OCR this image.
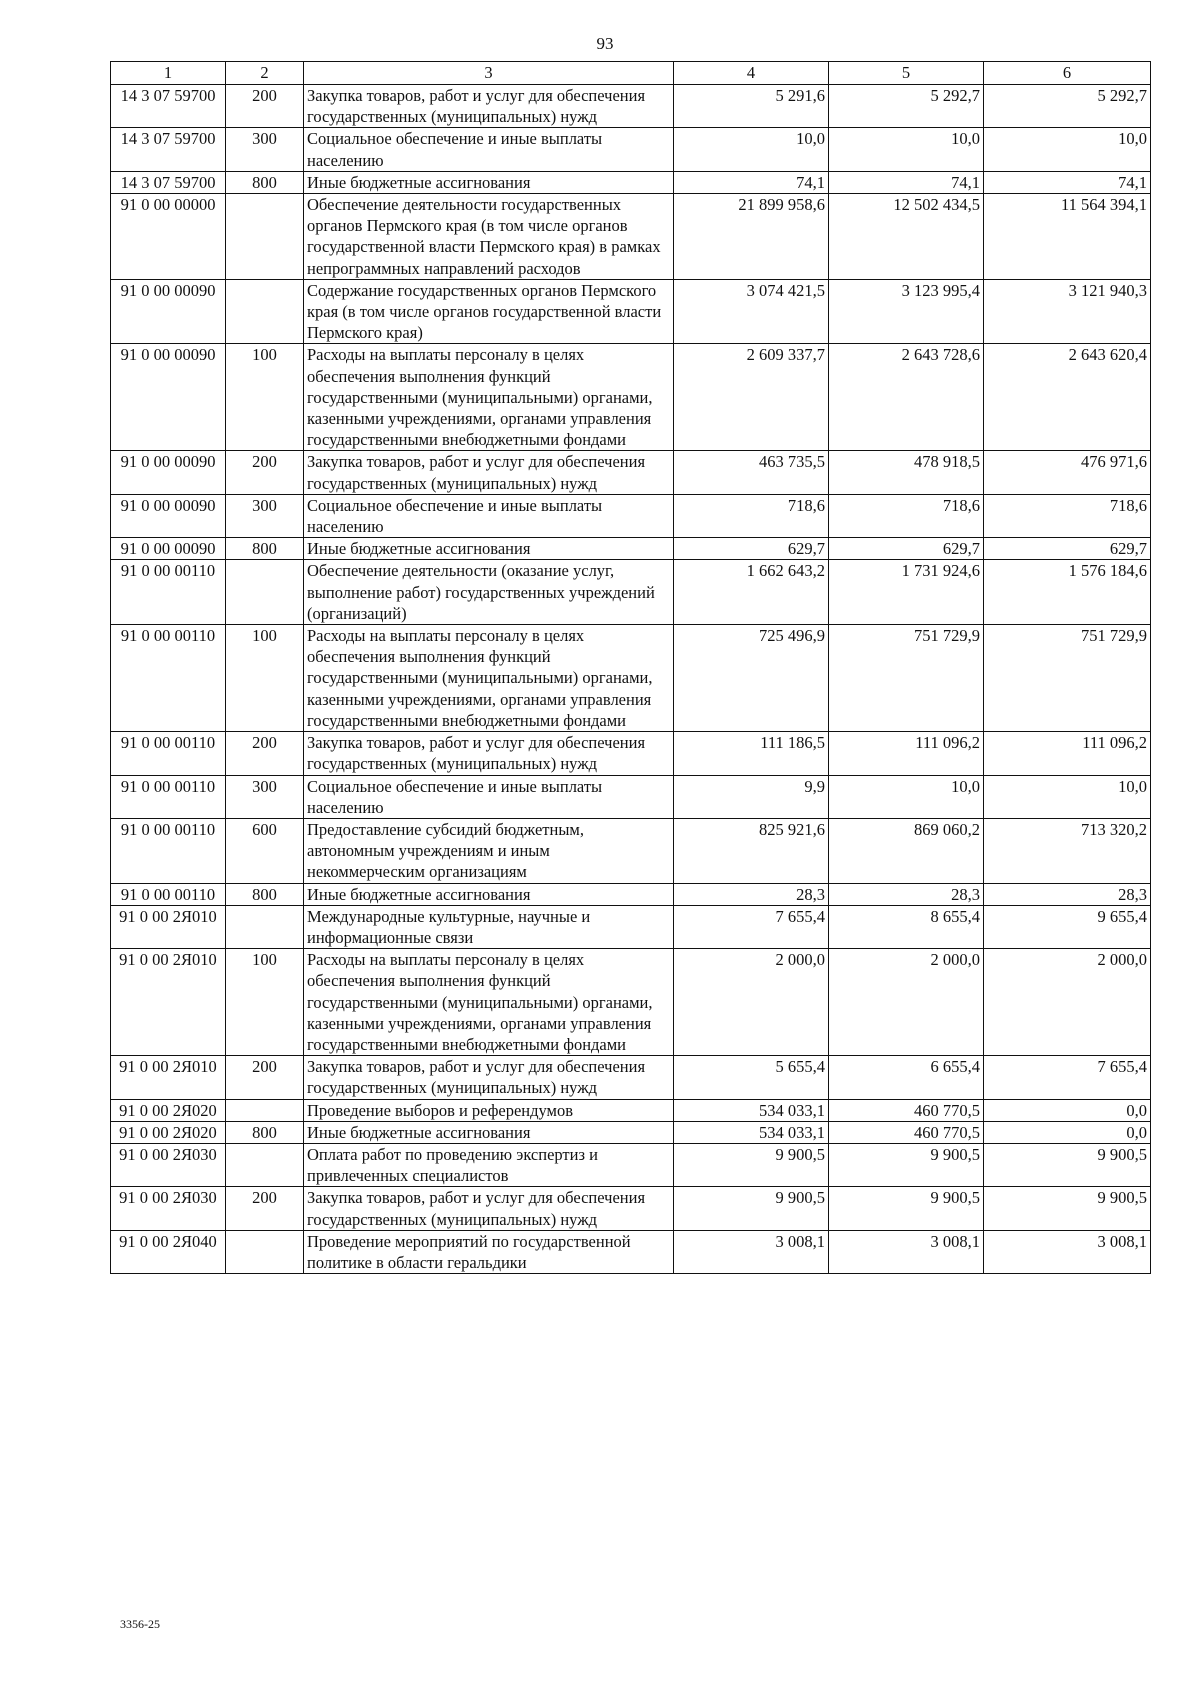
93
1	2	3	4	5	6
14 3 07 59700	200	Закупка товаров, работ и услуг для обеспечения государственных (муниципальных) нужд	5 291,6	5 292,7	5 292,7
14 3 07 59700	300	Социальное обеспечение и иные выплаты населению	10,0	10,0	10,0
14 3 07 59700	800	Иные бюджетные ассигнования	74,1	74,1	74,1
91 0 00 00000		Обеспечение деятельности государственных органов Пермского края (в том числе органов государственной власти Пермского края) в рамках непрограммных направлений расходов	21 899 958,6	12 502 434,5	11 564 394,1
91 0 00 00090		Содержание государственных органов Пермского края (в том числе органов государственной власти Пермского края)	3 074 421,5	3 123 995,4	3 121 940,3
91 0 00 00090	100	Расходы на выплаты персоналу в целях обеспечения выполнения функций государственными (муниципальными) органами, казенными учреждениями, органами управления государственными внебюджетными фондами	2 609 337,7	2 643 728,6	2 643 620,4
91 0 00 00090	200	Закупка товаров, работ и услуг для обеспечения государственных (муниципальных) нужд	463 735,5	478 918,5	476 971,6
91 0 00 00090	300	Социальное обеспечение и иные выплаты населению	718,6	718,6	718,6
91 0 00 00090	800	Иные бюджетные ассигнования	629,7	629,7	629,7
91 0 00 00110		Обеспечение деятельности (оказание услуг, выполнение работ) государственных учреждений (организаций)	1 662 643,2	1 731 924,6	1 576 184,6
91 0 00 00110	100	Расходы на выплаты персоналу в целях обеспечения выполнения функций государственными (муниципальными) органами, казенными учреждениями, органами управления государственными внебюджетными фондами	725 496,9	751 729,9	751 729,9
91 0 00 00110	200	Закупка товаров, работ и услуг для обеспечения государственных (муниципальных) нужд	111 186,5	111 096,2	111 096,2
91 0 00 00110	300	Социальное обеспечение и иные выплаты населению	9,9	10,0	10,0
91 0 00 00110	600	Предоставление субсидий бюджетным, автономным учреждениям и иным некоммерческим организациям	825 921,6	869 060,2	713 320,2
91 0 00 00110	800	Иные бюджетные ассигнования	28,3	28,3	28,3
91 0 00 2Я010		Международные культурные, научные и информационные связи	7 655,4	8 655,4	9 655,4
91 0 00 2Я010	100	Расходы на выплаты персоналу в целях обеспечения выполнения функций государственными (муниципальными) органами, казенными учреждениями, органами управления государственными внебюджетными фондами	2 000,0	2 000,0	2 000,0
91 0 00 2Я010	200	Закупка товаров, работ и услуг для обеспечения государственных (муниципальных) нужд	5 655,4	6 655,4	7 655,4
91 0 00 2Я020		Проведение выборов и референдумов	534 033,1	460 770,5	0,0
91 0 00 2Я020	800	Иные бюджетные ассигнования	534 033,1	460 770,5	0,0
91 0 00 2Я030		Оплата работ по проведению экспертиз и привлеченных специалистов	9 900,5	9 900,5	9 900,5
91 0 00 2Я030	200	Закупка товаров, работ и услуг для обеспечения государственных (муниципальных) нужд	9 900,5	9 900,5	9 900,5
91 0 00 2Я040		Проведение мероприятий по государственной политике в области геральдики	3 008,1	3 008,1	3 008,1
3356-25
